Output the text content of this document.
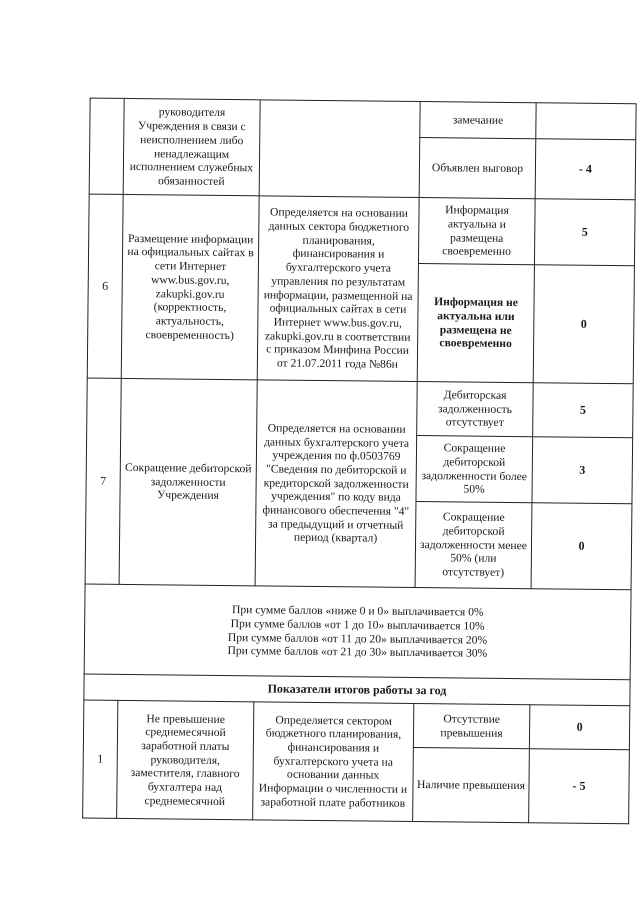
	руководителя Учреждения в связи с неисполнением либо ненадлежащим исполнением служебных обязанностей		замечание	
			Объявлен выговор	- 4
6	Размещение информации на официальных сайтах в сети Интернет www.bus.gov.ru, zakupki.gov.ru (корректность, актуальность, своевременность)	Определяется на основании данных сектора бюджетного планирования, финансирования и бухгалтерского учета управления по результатам информации, размещенной на официальных сайтах в сети Интернет www.bus.gov.ru, zakupki.gov.ru в соответствии с приказом Минфина России от 21.07.2011 года №86н	Информация актуальна и размещена своевременно	5
			Информация не актуальна или размещена не своевременно	0
7	Сокращение дебиторской задолженности Учреждения	Определяется на основании данных бухгалтерского учета учреждения по ф.0503769 "Сведения по дебиторской и кредиторской задолженности учреждения" по коду вида финансового обеспечения "4" за предыдущий и отчетный период (квартал)	Дебиторская задолженность отсутствует	5
			Сокращение дебиторской задолженности более 50%	3
			Сокращение дебиторской задолженности менее 50% (или отсутствует)	0

При сумме баллов «ниже 0 и 0» выплачивается 0%
При сумме баллов «от 1 до 10» выплачивается 10%
При сумме баллов «от 11 до 20» выплачивается 20%
При сумме баллов «от 21 до 30» выплачивается 30%				

Показатели итогов работы за год				
1	Не превышение среднемесячной заработной платы руководителя, заместителя, главного бухгалтера над среднемесячной	Определяется сектором бюджетного планирования, финансирования и бухгалтерского учета на основании данных Информации о численности и заработной плате работников	Отсутствие превышения	0
			Наличие превышения	- 5
